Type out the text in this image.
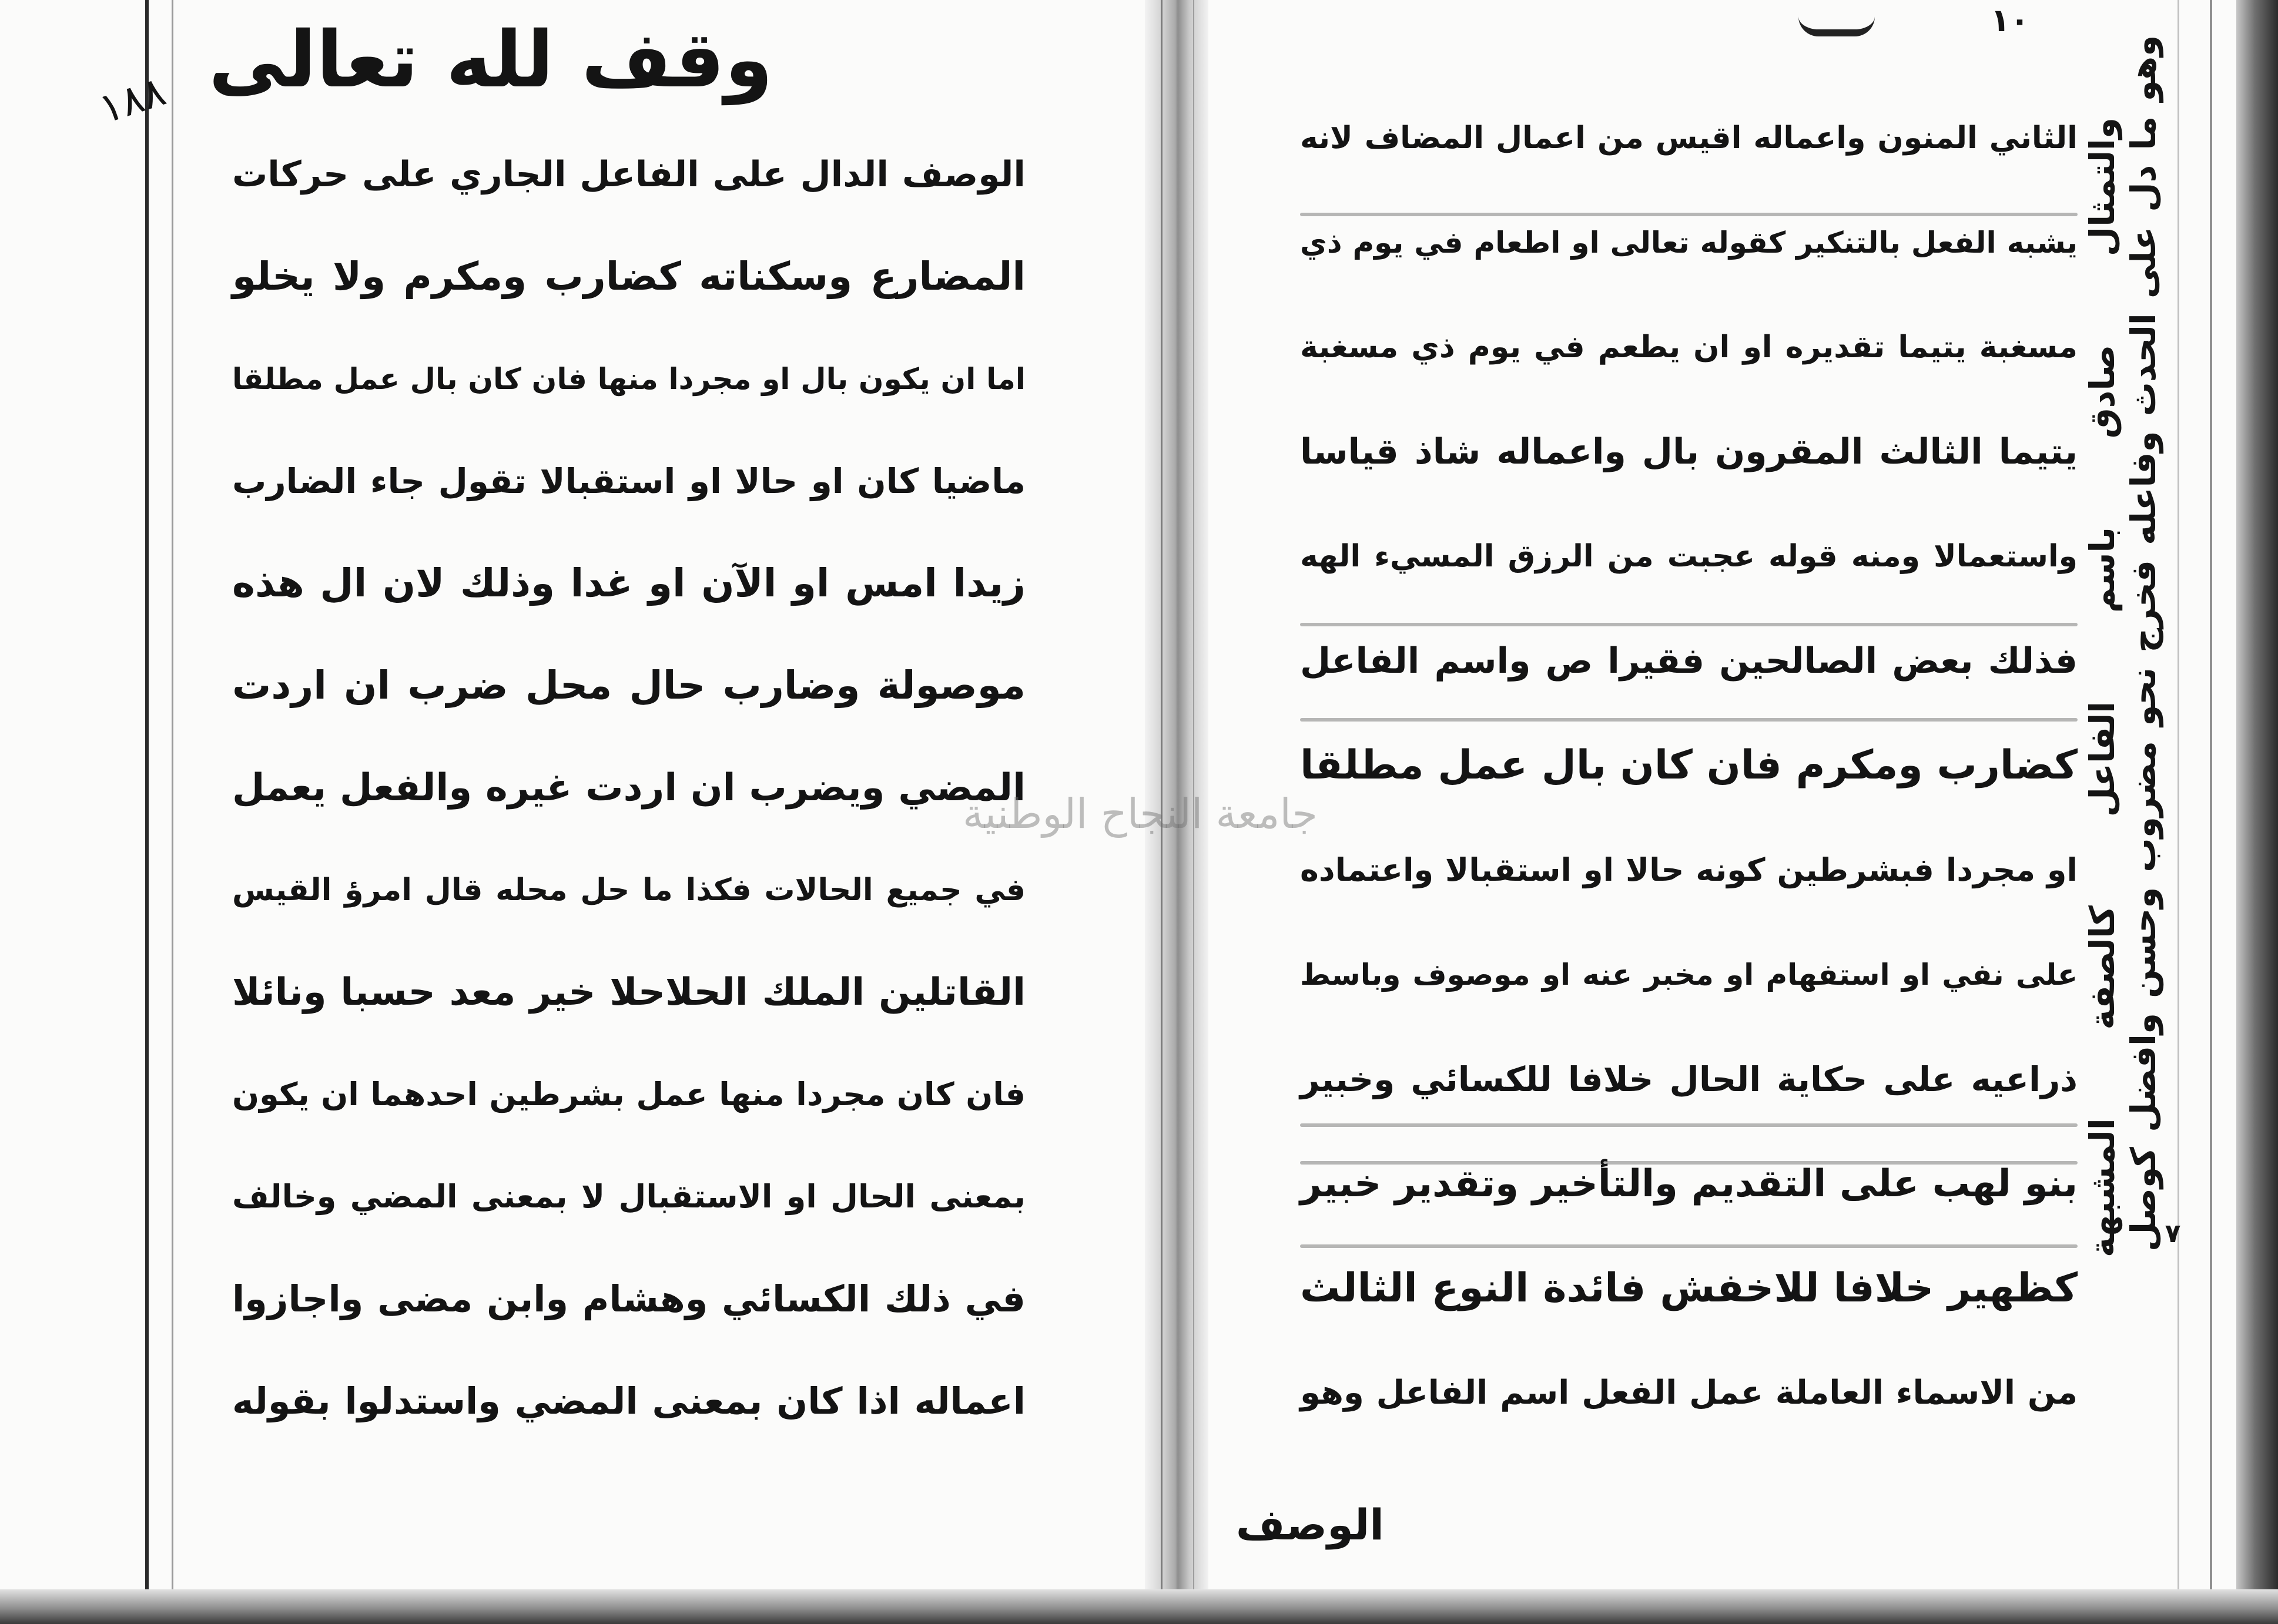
١٨٨ وقف لله تعالى
الوصف الدال على الفاعل الجاري على حركات
المضارع وسكناته كضارب ومكرم ولا يخلو
اما ان يكون بال او مجردا منها فان كان بال عمل مطلقا
ماضيا كان او حالا او استقبالا تقول جاء الضارب
زيدا امس او الآن او غدا وذلك لان ال هذه
موصولة وضارب حال محل ضرب ان اردت
المضي ويضرب ان اردت غيره والفعل يعمل
في جميع الحالات فكذا ما حل محله قال امرؤ القيس
القاتلين الملك الحلاحلا خير معد حسبا ونائلا
فان كان مجردا منها عمل بشرطين احدهما ان يكون
بمعنى الحال او الاستقبال لا بمعنى المضي وخالف
في ذلك الكسائي وهشام وابن مضى واجازوا
اعماله اذا كان بمعنى المضي واستدلوا بقوله
جامعة النجاح الوطنية
١٠
الثاني المنون واعماله اقيس من اعمال المضاف لانه
يشبه الفعل بالتنكير كقوله تعالى او اطعام في يوم ذي
مسغبة يتيما تقديره او ان يطعم في يوم ذي مسغبة
يتيما الثالث المقرون بال واعماله شاذ قياسا
واستعمالا ومنه قوله عجبت من الرزق المسيء الهه
فذلك بعض الصالحين فقيرا ص واسم الفاعل
كضارب ومكرم فان كان بال عمل مطلقا
او مجردا فبشرطين كونه حالا او استقبالا واعتماده
على نفي او استفهام او مخبر عنه او موصوف وباسط
ذراعيه على حكاية الحال خلافا للكسائي وخبير
بنو لهب على التقديم والتأخير وتقدير خبير
كظهير خلافا للاخفش فائدة النوع الثالث
من الاسماء العاملة عمل الفعل اسم الفاعل وهو
الوصف
وهو ما دل على الحدث وفاعله فخرج نحو مضروب وحسن وافضل كوصل
والتمثال صادق باسم الفاعل كالصفة المشبهة ٧
